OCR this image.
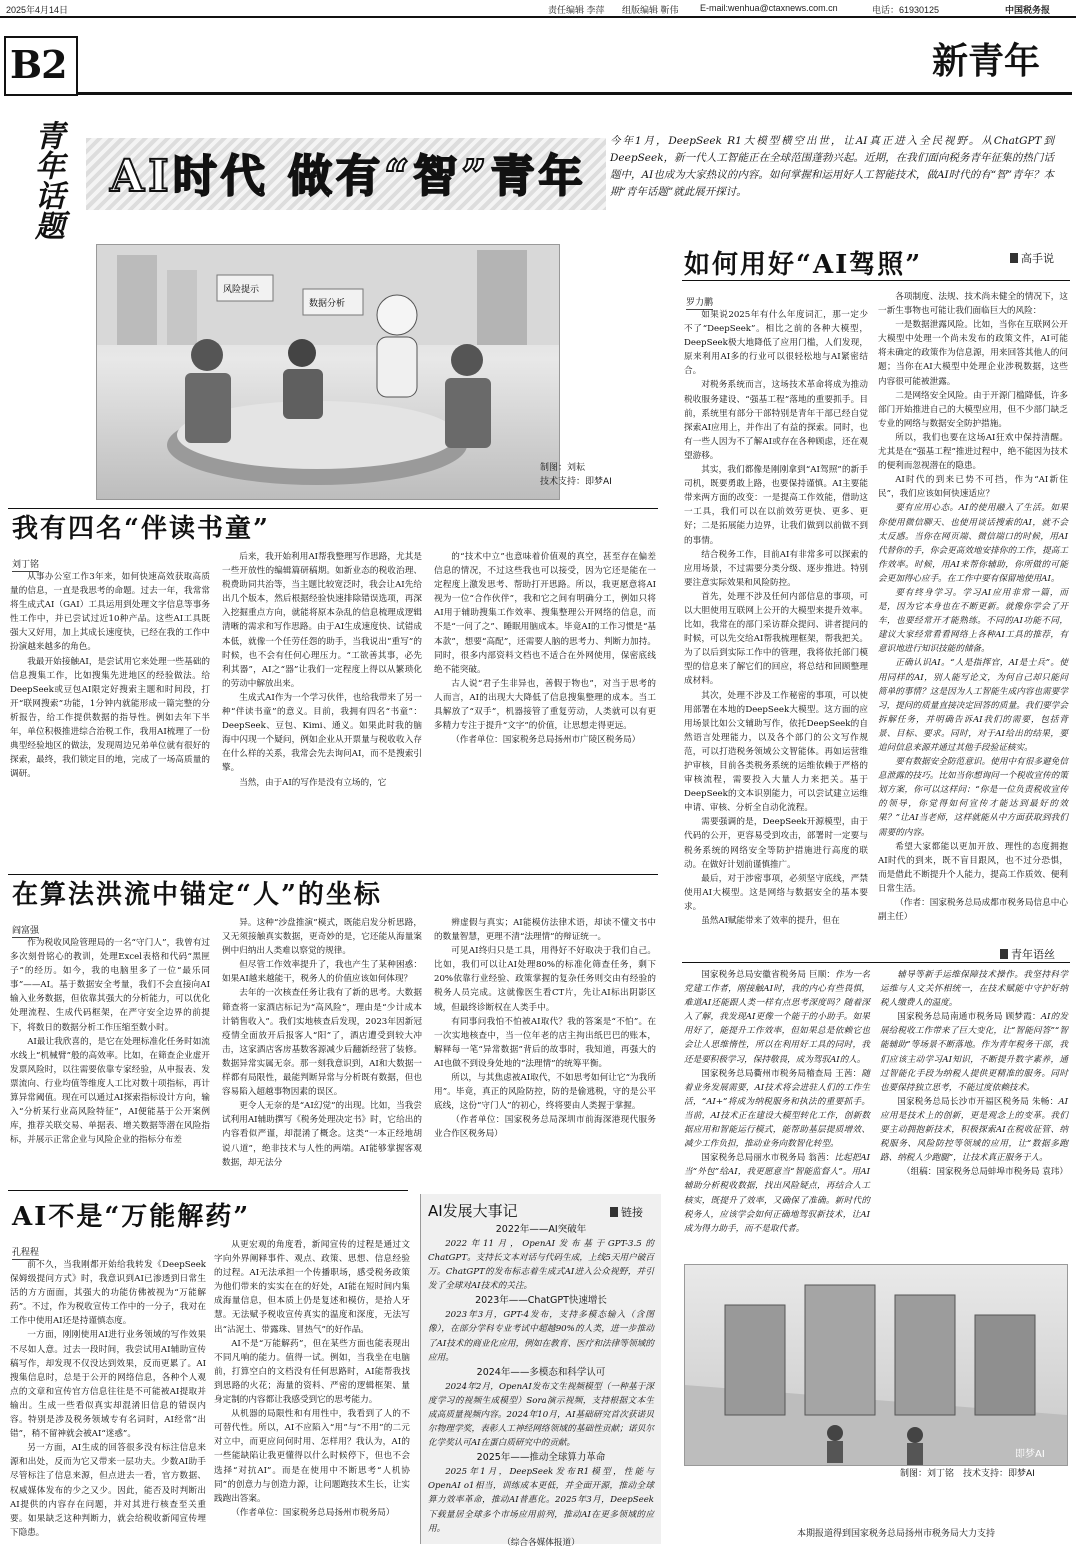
2025年4月14日	责任编辑 李萍 组版编辑 靳伟 E-mail:wenhua@ctaxnews.com.cn	电话：61930125	中国税务报
B2	新青年
青年话题 AI时代 做有“智”青年
今年1月，DeepSeek R1大模型横空出世，让AI真正进入全民视野。从ChatGPT到DeepSeek，新一代人工智能正在全球范围蓬勃兴起。近期，在我们面向税务青年征集的热门话题中，AI也成为大家热议的内容。如何掌握和运用好人工智能技术，做AI时代的有“智”青年？本期“青年话题”就此展开探讨。
风险提示
数据分析
制图：刘耘
技术支持：即梦AI
如何用好“AI驾照”	高手说
罗力鹏

如果说2025年有什么年度词汇，那一定少不了“DeepSeek”。相比之前的各种大模型，DeepSeek极大地降低了应用门槛，人们发现，原来利用AI多的行业可以很轻松地与AI紧密结合。

对税务系统而言，这场技术革命将成为推动税收服务建设、“强基工程”落地的重要抓手。目前，系统里有部分干部特别是青年干部已经自觉探索AI应用上，并作出了有益的探索。同时，也有一些人因为不了解AI或存在各种顾虑，还在观望游移。

其实，我们都像是刚刚拿到“AI驾照”的新手司机，既要勇敢上路，也要保持谨慎。AI主要能带来两方面的改变：一是提高工作效能，借助这一工具，我们可以在以前效劳更快、更多、更好；二是拓展能力边界，让我们做到以前做不到的事情。

结合税务工作，目前AI有非常多可以探索的应用场景，不过需要分类分级、逐步推进。特别要注意实际效果和风险防控。

首先，处理不涉及任何内部信息的事项，可以大胆使用互联网上公开的大模型来提升效率。比如，我常在的部门采访群众提问、讲者提问的时候，可以先交给AI帮我梳理框架，帮我把关。为了以后到实际工作中的管理，我将依托部门模型的信息来了解它们的回应，将总结和回顾整理成材料。

其次，处理不涉及工作秘密的事项，可以使用部署在本地的DeepSeek大模型。这方面的应用场景比如公文辅助写作，依托DeepSeek的自然语言处理能力，以及各个部门的公文写作规范，可以打造税务领域公文智能体。再如运营维护审核，目前各类税务系统的运维依赖于严格的审核流程，需要投入大量人力来把关。基于DeepSeek的文本识别能力，可以尝试建立运维申请、审核、分析全自动化流程。

需要强调的是，DeepSeek开源模型，由于代码的公开，更容易受到攻击，部署时一定要与税务系统的网络安全等防护措施进行高度的联动。在做好计划前谨慎推广。

最后，对于涉密事项，必须坚守底线，严禁使用AI大模型。这是网络与数据安全的基本要求。

虽然AI赋能带来了效率的提升，但在

各项制度、法规、技术尚未健全的情况下，这一新生事物也可能让我们面临巨大的风险：

一是数据泄露风险。比如，当你在互联网公开大模型中处理一个尚未发布的政策文件，AI可能将未确定的政策作为信息源，用来回答其他人的问题；当你在AI大模型中处理企业涉税数据，这些内容很可能被泄露。

二是网络安全风险。由于开源门槛降低，许多部门开始推进自己的大模型应用，但不少部门缺乏专业的网络与数据安全防护措施。

所以，我们也要在这场AI狂欢中保持清醒。尤其是在“强基工程”推进过程中，绝不能因为技术的便利而忽视潜在的隐患。

AI时代的到来已势不可挡，作为“AI新住民”，我们应该如何快速适应？

要有应用心态。AI的使用融入了生活。如果你使用微信聊天、也使用谈话搜索的AI，就不会太反感。当你在网页端、微信端口的时候，用AI代替你的手，你会更高效地安排你的工作，提高工作效率。时候，用AI来帮你辅助，你所做的可能会更加得心应手。在工作中要有保留地使用AI。

要有终身学习。学习AI应用非常一篇，而是，因为它本身也在不断更新。就像你学会了开车，也要经常开才能熟练。不同的AI功能不同，建议大家经常看看网络上各种AI工具的推荐，有意识地进行知识技能的储备。

正确认识AI。“人是指挥官，AI是士兵”。使用同样的AI，别人能写论文，为何自己却只能问简单的事情？这是因为人工智能生成内容也需要学习，提问的质量直接决定回答的质量。我们要学会拆解任务，并明确告诉AI我们的需要，包括背景、目标、要求。同时，对于AI给出的结果，要追问信息来源并通过其他手段验证核实。

要有数据安全防范意识。使用中有很多避免信息泄露的技巧。比如当你想询问一个税收宣传的策划方案，你可以这样问：“你是一位负责税收宣传的领导，你觉得如何宣传才能达到最好的效果？”让AI当老师，这样就能从中方面获取到我们需要的内容。

希望大家都能以更加开放、理性的态度拥抱AI时代的到来，既不盲目跟风，也不过分恐惧，而是借此不断提升个人能力，提高工作质效、便利日常生活。

（作者：国家税务总局成都市税务局信息中心副主任）

我有四名“伴读书童”
刘丁铭

从事办公室工作3年来，如何快速高效获取高质量的信息，一直是我思考的命题。过去一年，我常常将生成式AI（GAI）工具运用到处理文字信息等事务性工作中，并已尝试过近10种产品。这些AI工具既强大又好用，加上其成长速度快，已经在我的工作中扮演越来越多的角色。

我最开始接触AI，是尝试用它来处理一些基础的信息搜集工作，比如搜集先进地区的经验做法。给DeepSeek或豆包AI限定好搜索主题和时间段，打开“联网搜索”功能，1分钟内就能形成一篇完整的分析报告，给工作提供数据的指导性。例如去年下半年，单位积极推进综合治税工作，我用AI梳理了一份典型经验地区的做法，发现周边兄弟单位就有很好的探索，最终，我们锁定目的地，完成了一场高质量的调研。

后来，我开始利用AI帮我整理写作思路，尤其是一些开放性的编辑篇研稿期。如新业态的税收治理、税费助同共治等，当主题比较宽泛时，我会让AI先给出几个版本，然后根据经验快速排除错误选项，再深入挖掘重点方向，就能将原本杂乱的信息梳理成逻辑清晰的需求和写作思路。由于AI生成速度快、试错成本低，就像一个任劳任怨的助手，当我说出“重写”的时候，也不会有任何心理压力。“工欲善其事，必先利其器”，AI之“器”让我们一定程度上得以从繁琐化的劳动中解放出来。

生成式AI作为一个学习伙伴，也给我带来了另一种“伴读书童”的意义。目前，我拥有四名“书童”：DeepSeek、豆包、Kimi、通义。如果此时我的脑海中闪现一个疑问，例如企业从开票量与税收收入存在什么样的关系，我常会先去询问AI，而不是搜索引擎。

当然，由于AI的写作是没有立场的，它

的“技术中立”也意味着价值观的真空，甚至存在偏差信息的情况，不过这些我也可以接受，因为它还是能在一定程度上激发思考、帮助打开思路。所以，我更愿意将AI视为一位“合作伙伴”，我和它之间有明确分工，例如只将AI用于辅助搜集工作效率、搜集整理公开网络的信息，而不是“一问了之”、睡眠用脑成本。毕竟AI的工作习惯是“基本款”，想要“高配”，还需要人脑的思考力、判断力加持。同时，很多内部资料文档也不适合在外网使用，保密底线绝不能突破。

古人说“君子生非异也，善假于物也”，对当于思考的人而言，AI的出现大大降低了信息搜集整理的成本。当工具解放了“双手”，机器接管了重复劳动，人类就可以有更多精力专注于提升“文字”的价值，让思想走得更远。

（作者单位：国家税务总局扬州市广陵区税务局）

在算法洪流中锚定“人”的坐标
阎富强

作为税收风险管理局的一名“守门人”，我曾有过多次刻骨铭心的教训，处理Excel表格和代码“黑匣子”的经历。如今，我的电脑里多了一位“最乐同事”——AI。基于数据安全考量，我们不会直接向AI输入业务数据，但依靠其强大的分析能力，可以优化处理流程、生成代码框架，在严守安全边界的前提下，将数日的数据分析工作压缩至数小时。

AI最让我欣喜的，是它在处理标准化任务时如流水线上“机械臂”般的高效率。比如，在筛查企业虚开发票风险时，以往需要依靠专家经验，从申报表、发票流向、行业均值等维度人工比对数十项指标，再计算异常阈值。现在可以通过AI探索指标设计方向，输入“分析某行业高风险特征”，AI便能基于公开案例库，推荐关联交易、单据表、增关数据等潜在风险指标，并展示正常企业与风险企业的指标分布差

异。这种“沙盘推演”模式，既能启发分析思路，又无须接触真实数据，更奇妙的是，它还能从海量案例中归纳出人类难以察觉的规律。

但尽管工作效率提升了，我也产生了某种困惑：如果AI越来越能干，税务人的价值应该如何体现？

去年的一次核查任务让我有了新的思考。大数据筛查将一家酒店标记为“高风险”，理由是“少计成本计销售收入”。我们实地核查后发现，2023年因新冠疫情全面放开后报客人“阳”了，酒店遭受到较大冲击，这家酒店客房基数客源减少后翻新经营了装修。数据异常实属无奈。那一刻我意识到，AI和大数据一样都有局限性，最能判断异常与分析既有数据，但也容易陷入超越事物因素的误区。

更令人无奈的是“AI幻觉”的出现。比如，当我尝试利用AI辅助撰写《税务处理决定书》时，它给出的内容看似严谨，却混淆了概念。这类“一本正经地胡说八道”，绝非技术与人性的两端。AI能够掌握客观数据，却无法分

辨虚假与真实；AI能模仿法律术语，却读不懂文书中的数量智慧，更理不清“法理情”的辩证统一。

可见AI终归只是工具，用得好不好取决于我们自己。比如，我们可以让AI处理80%的标准化筛查任务，剩下20%依靠行业经验、政策掌握的复杂任务则交由有经验的税务人员完成。这就像医生看CT片，先让AI标出阴影区域，但最终诊断权在人类手中。

有同事问我怕不怕被AI取代？我的答案是“不怕”。在一次实地核查中，当一位年老的店主拘出纸巴巴的账本，解释每一笔“异常数据”背后的故事时，我知道，再强大的AI也做不到设身处地的“法理情”的统筹平衡。

所以，与其焦虑被AI取代，不如思考如何让它“为我所用”。毕竟，真正的风险防控，防的是偷逃税，守的是公平底线，这份“守门人”的初心，终将要由人类握于掌握。

（作者单位：国家税务总局深圳市前海深港现代服务业合作区税务局）

AI不是“万能解药”
孔程程

前不久，当我刚都开始给我转发《DeepSeek保姆级提问方式》时，我意识到AI已渗透到日常生活的方方面面，其强大的功能仿佛被视为“万能解药”。不过，作为税收宣传工作中的一分子，我对在工作中使用AI还是持谨慎态度。

一方面，刚刚使用AI进行业务领域的写作效果不尽如人意。过去一段时间，我尝试用AI辅助宣传稿写作，却发现不仅没达到效果，反而更累了。AI搜集信息时，总是于公开的网络信息，各种个人观点的文章和宣传官方信息往往是不可能被AI提取并输出。生成一些看似真实却混淆旧信息的错误内容。特别是涉及税务领域专有名词时，AI经常“出错”，稍不留神就会被AI“迷惑”。

另一方面，AI生成的回答很多没有标注信息来源和出处，反而为它又带来一层功夫。少数AI助手尽管标注了信息来源，但点进去一看，官方数据、权威媒体发布的少之又少。因此，能否及时判断出AI提供的内容存在问题，并对其进行核查至关重要。如果缺乏这种判断力，就会给税收新闻宣传埋下隐患。

从更宏观的角度看，新闻宣传的过程是通过文字向外界阐释事件、观点、政策、思想、信息经验的过程。AI无法承担一个传播职场，感受税务政策为他们带来的实实在在的好处，AI能在短时间内集成海量信息，但本质上仍是复述和模仿，是拾人牙慧。无法赋予税收宣传真实的温度和深度，无法写出“沾泥土、带露珠、冒热气”的好作品。

AI不是“万能解药”，但在某些方面也能表现出不同凡响的能力。值得一试。例如，当我坐在电脑前，打算空白的文档没有任何思路时，AI能帮我找到思路的火花；海量的资料、严密的逻辑框架、量身定制的内容都让我感受到它的思考能力。

从机器的局限性和有用性中，我看到了人的不可替代性。所以，AI不应陷入“用”与“不用”的二元对立中，而更应问何时用、怎样用？我认为，AI的一些能缺陷让我更懂得以什么时候停下，但也不会选择“对抗AI”。而是在使用中不断思考“人机协同”的创意力与创造力源，让问题跑技术生长，让实践跑出答案。

（作者单位：国家税务总局扬州市税务局）

AI发展大事记	链接
2022年——AI突破年

2022年11月，OpenAI发布基于GPT-3.5的ChatGPT。支持长文本对话与代码生成，上线5天用户破百万。ChatGPT的发布标志着生成式AI进入公众视野，并引发了全球对AI技术的关注。

2023年——ChatGPT快速增长

2023年3月，GPT-4发布，支持多模态输入（含图像），在部分学科专业考试中超越90%的人类，进一步推动了AI技术的商业化应用，例如在教育、医疗和法律等领域的应用。

2024年——多模态和科学认可

2024年2月，OpenAI发布文生视频模型（一种基于深度学习的视频生成模型）Sora演示视频，支持根据文本生成高质量视频内容。2024年10月，AI基础研究首次获诺贝尔物理学奖，表彰人工神经网络领域的基础性贡献；诺贝尔化学奖认可AI在蛋白质研究中的贡献。

2025年——推动全球算力革命

2025年1月，DeepSeek发布R1模型，性能与OpenAI o1相当，训练成本更低，并全面开源，推动全球算力效率革命，推动AI普惠化。2025年3月，DeepSeek下载量居全球多个市场应用前列，推动AI在更多领域的应用。

（综合各媒体报道）
青年语丝

国家税务总局安徽省税务局 巨顺：作为一名党建工作者，刚接触AI时，我的内心有些畏惧，难道AI还能跟人类一样有点思考深度吗？随着深入了解，我发现AI更像一个能干的小助手。如果用好了，能提升工作效率，但如果总是依赖它也会让人思维惰性，所以在利用好工具的同时，我还是要积极学习，保持敬畏，成为驾驭AI的人。

国家税务总局衢州市税务局稽查局 王茜：随着业务发展需要，AI技术将会进驻人们的工作生活，“AI+”将成为纳税服务和执法的重要抓手。当前，AI技术正在建设大模型转化工作，创新数据应用和智能运行模式，能帮助基层提质增效、减少工作负担，推动业务向数智化转型。

国家税务总局丽水市税务局 翁茜：比起把AI当“外包”给AI，我更愿意当“智能监督人”。用AI辅助分析税收数据，找出风险疑点，再结合人工核实，既提升了效率，又确保了准确。新时代的税务人，应该学会如何正确地驾驭新技术，让AI成为得力助手，而不是取代者。

辅导等新手运维保障技术操作。我坚持科学运维与人文关怀相统一，在技术赋能中守护好纳税人缴费人的温度。

国家税务总局南通市税务局 顾梦霞：AI的发展给税收工作带来了巨大变化，让“智能问答”“智能辅助”等场景不断落地。作为青年税务干部，我们应该主动学习AI知识，不断提升数字素养，通过智能化手段为纳税人提供更精准的服务。同时也要保持独立思考，不能过度依赖技术。

国家税务总局长沙市开福区税务局 朱畅：AI应用是技术上的创新，更是观念上的变革。我们要主动拥抱新技术，积极探索AI在税收征管、纳税服务、风险防控等领域的应用，让“数据多跑路、纳税人少跑腿”，让技术真正服务于人。

（组稿：国家税务总局蚌埠市税务局 袁玮）

即梦AI
制图：刘丁铭　技术支持：即梦AI
本期报道得到国家税务总局扬州市税务局大力支持
